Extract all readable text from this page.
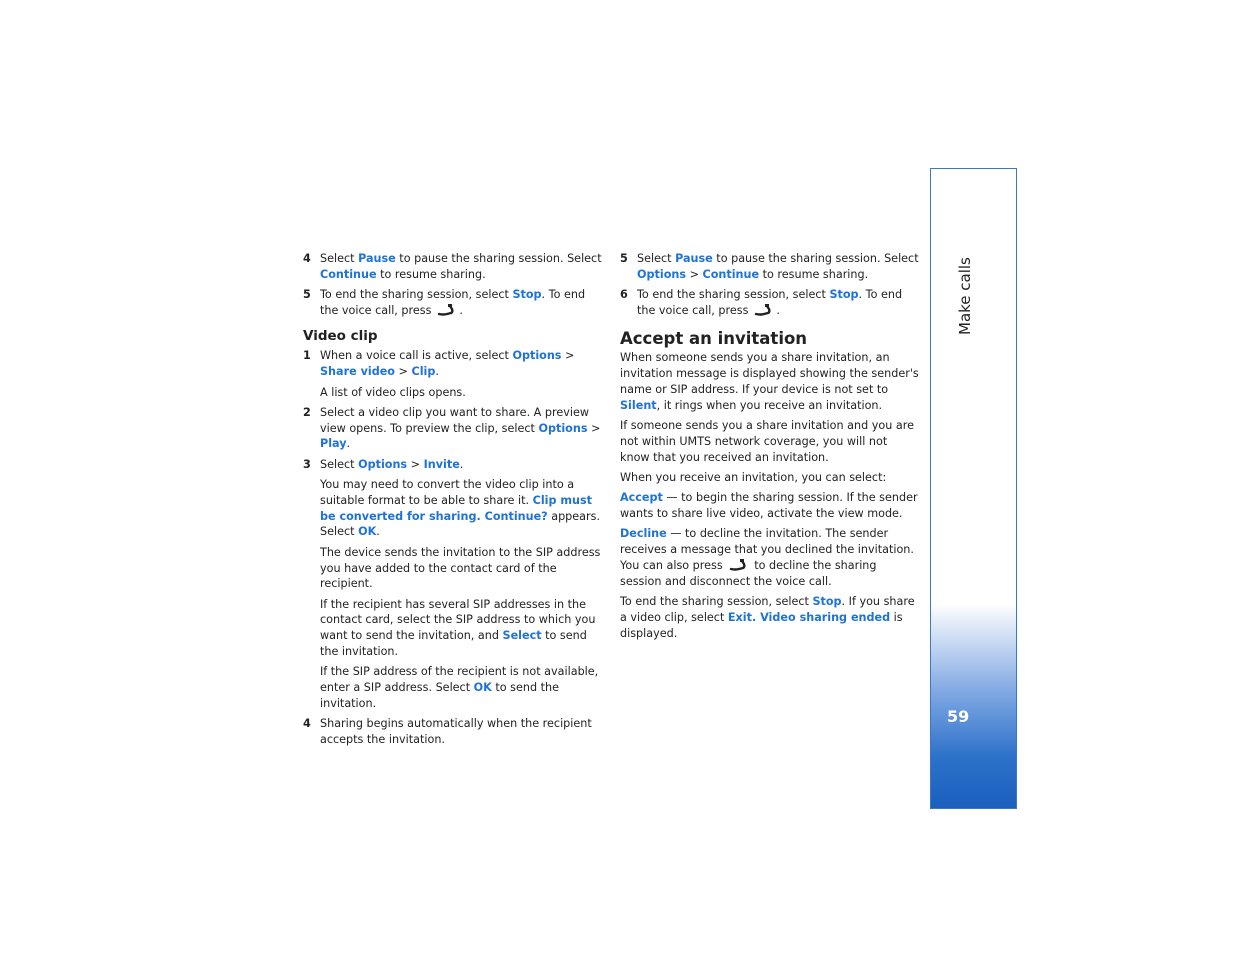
Make calls
59
4 Select Pause to pause the sharing session. Select Continue to resume sharing.
5 To end the sharing session, select Stop. To end the voice call, press	.
Video clip
1 When a voice call is active, select Options > Share video > Clip.
A list of video clips opens.
2 Select a video clip you want to share. A preview view opens. To preview the clip, select Options > Play.
3 Select Options > Invite.
You may need to convert the video clip into a suitable format to be able to share it. Clip must be converted for sharing. Continue? appears. Select OK.
The device sends the invitation to the SIP address you have added to the contact card of the recipient.
If the recipient has several SIP addresses in the contact card, select the SIP address to which you want to send the invitation, and Select to send the invitation.
If the SIP address of the recipient is not available, enter a SIP address. Select OK to send the invitation.
4 Sharing begins automatically when the recipient accepts the invitation.
5 Select Pause to pause the sharing session. Select Options > Continue to resume sharing.
6 To end the sharing session, select Stop. To end the voice call, press	.
Accept an invitation
When someone sends you a share invitation, an invitation message is displayed showing the sender's name or SIP address. If your device is not set to Silent, it rings when you receive an invitation.
If someone sends you a share invitation and you are not within UMTS network coverage, you will not know that you received an invitation.
When you receive an invitation, you can select:
Accept — to begin the sharing session. If the sender wants to share live video, activate the view mode.
Decline — to decline the invitation. The sender receives a message that you declined the invitation. You can also press	to decline the sharing session and disconnect the voice call.
To end the sharing session, select Stop. If you share a video clip, select Exit. Video sharing ended is displayed.
